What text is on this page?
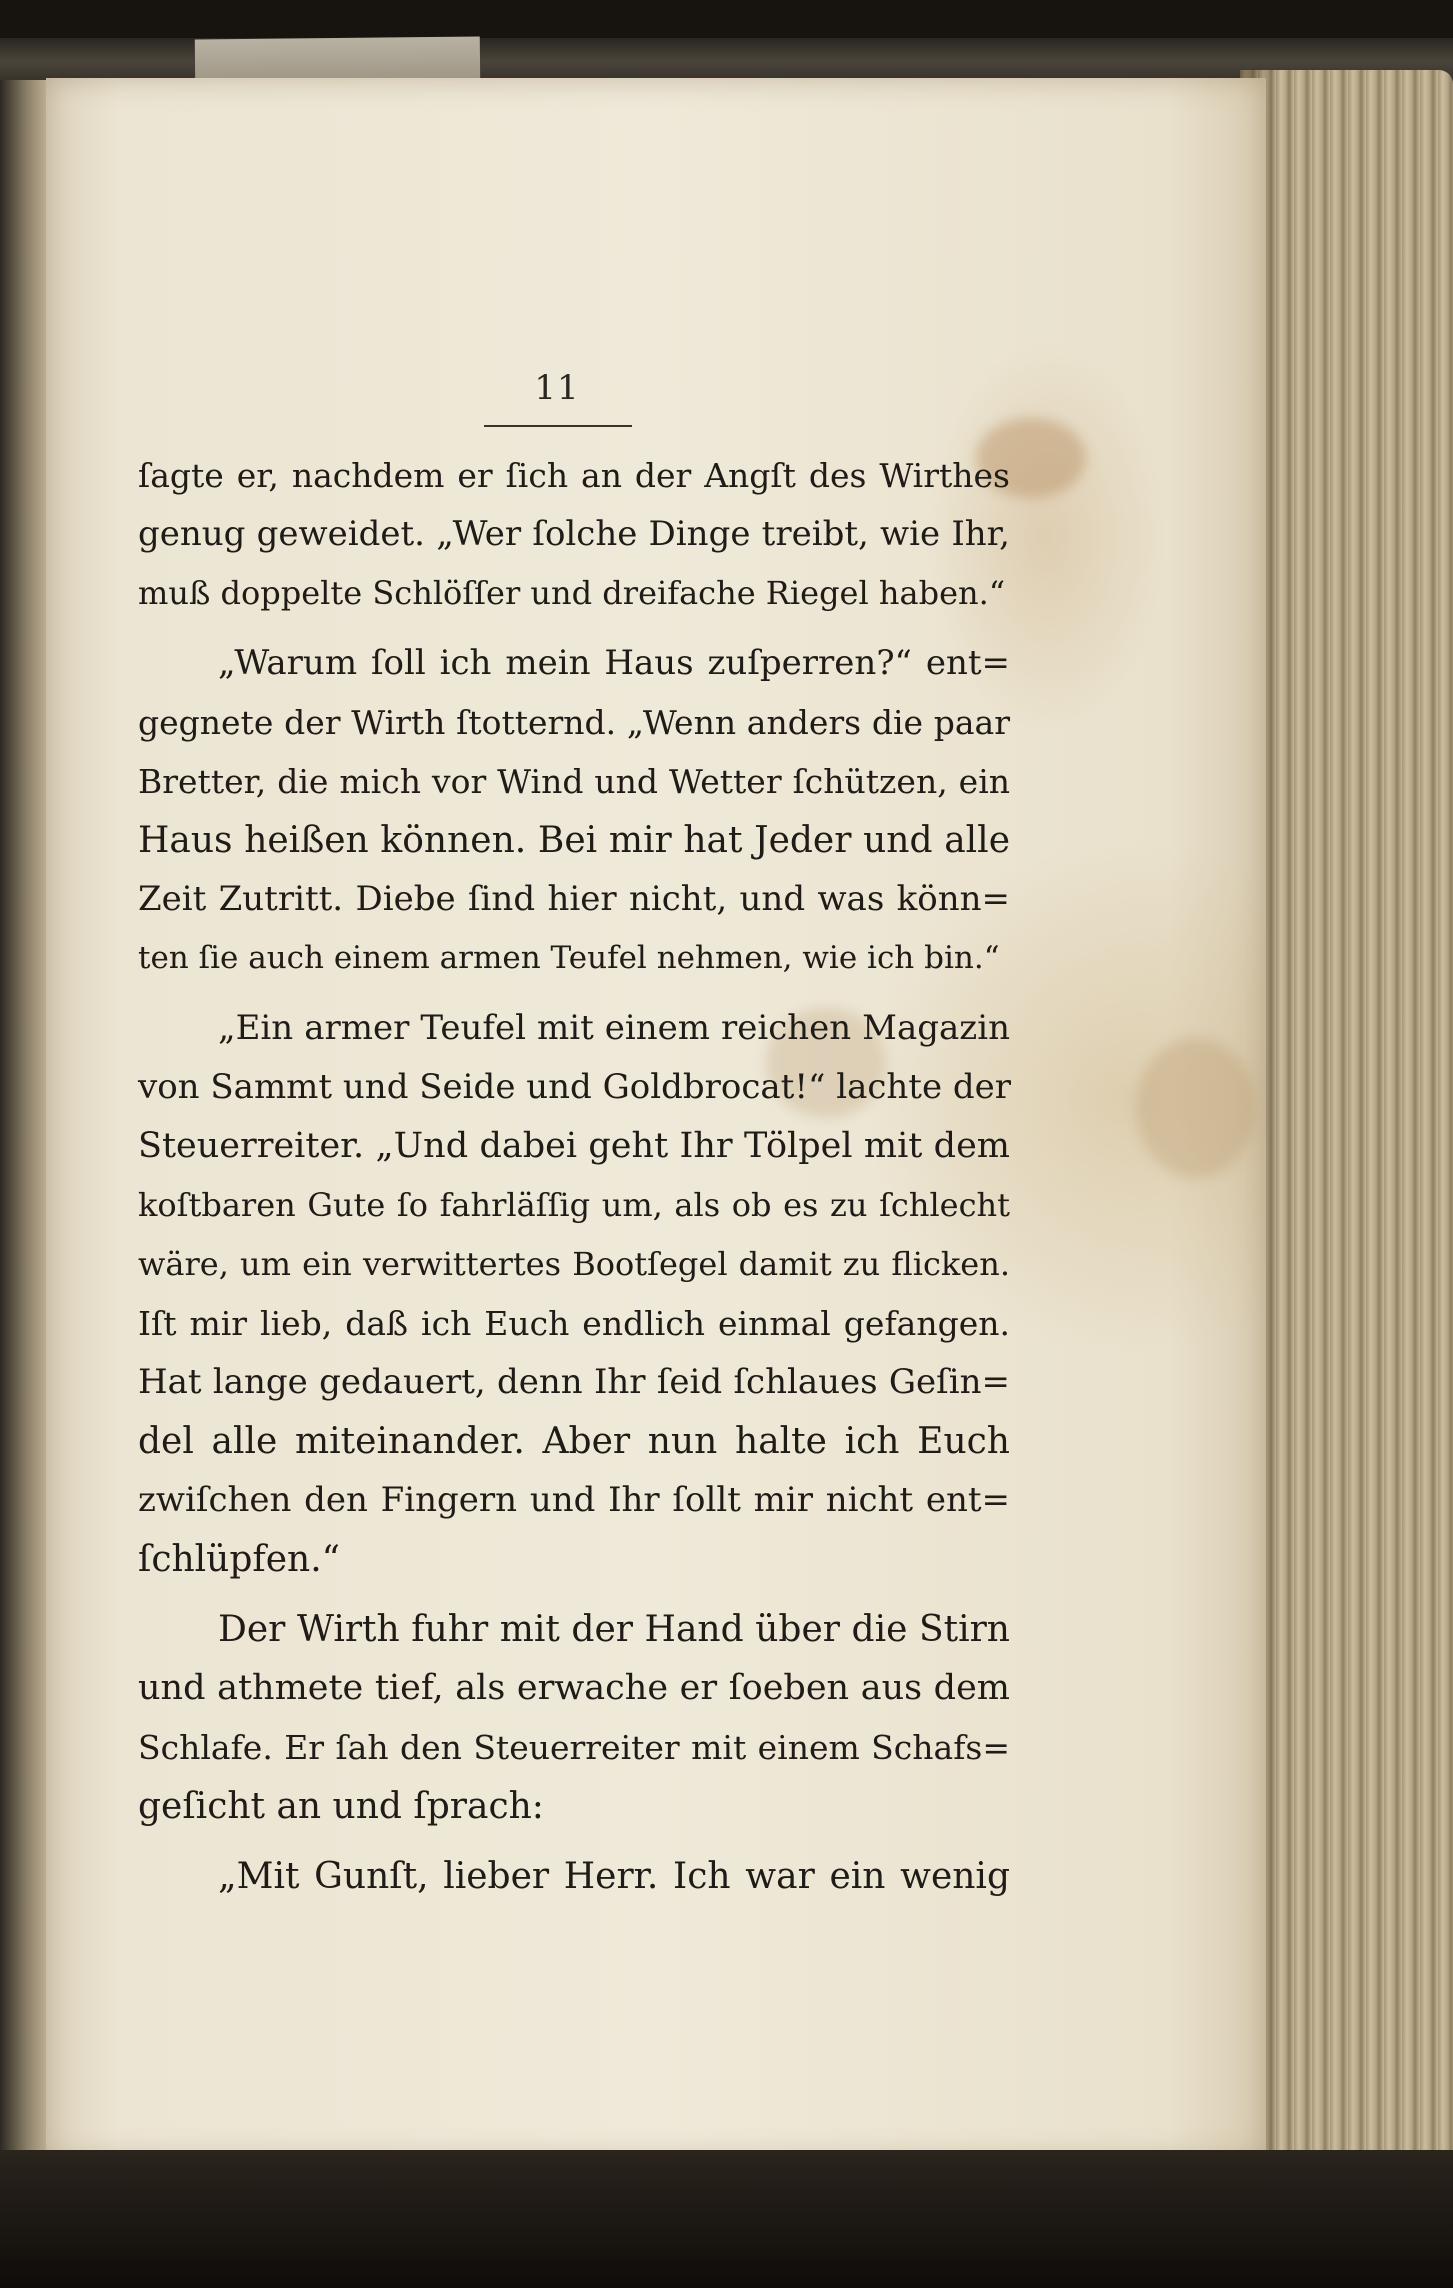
11

ſagte er, nachdem er ſich an der Angſt des Wirthes
genug geweidet. „Wer ſolche Dinge treibt, wie Ihr,
muß doppelte Schlöſſer und dreifache Riegel haben.“

„Warum ſoll ich mein Haus zuſperren?“ ent=
gegnete der Wirth ſtotternd. „Wenn anders die paar
Bretter, die mich vor Wind und Wetter ſchützen, ein
Haus heißen können. Bei mir hat Jeder und alle
Zeit Zutritt. Diebe ſind hier nicht, und was könn=
ten ſie auch einem armen Teufel nehmen, wie ich bin.“

„Ein armer Teufel mit einem reichen Magazin
von Sammt und Seide und Goldbrocat!“ lachte der
Steuerreiter. „Und dabei geht Ihr Tölpel mit dem
koſtbaren Gute ſo fahrläſſig um, als ob es zu ſchlecht
wäre, um ein verwittertes Bootſegel damit zu flicken.
Iſt mir lieb, daß ich Euch endlich einmal gefangen.
Hat lange gedauert, denn Ihr ſeid ſchlaues Geſin=
del alle miteinander. Aber nun halte ich Euch
zwiſchen den Fingern und Ihr ſollt mir nicht ent=
ſchlüpfen.“

Der Wirth fuhr mit der Hand über die Stirn
und athmete tief, als erwache er ſoeben aus dem
Schlafe. Er ſah den Steuerreiter mit einem Schafs=
geſicht an und ſprach:

„Mit Gunſt, lieber Herr. Ich war ein wenig
